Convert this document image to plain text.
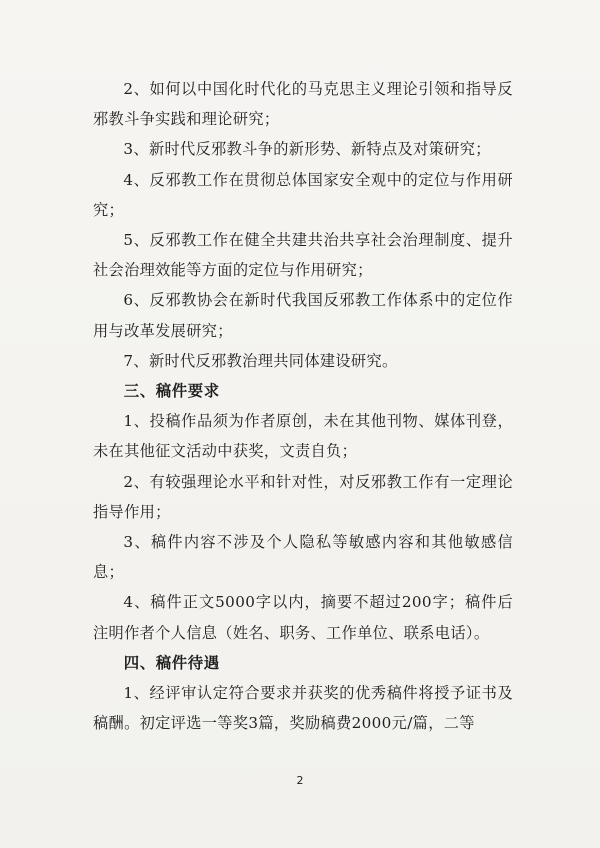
2、如何以中国化时代化的马克思主义理论引领和指导反邪教斗争实践和理论研究；

3、新时代反邪教斗争的新形势、新特点及对策研究；

4、反邪教工作在贯彻总体国家安全观中的定位与作用研究；

5、反邪教工作在健全共建共治共享社会治理制度、提升社会治理效能等方面的定位与作用研究；

6、反邪教协会在新时代我国反邪教工作体系中的定位作用与改革发展研究；

7、新时代反邪教治理共同体建设研究。

三、稿件要求

1、投稿作品须为作者原创，未在其他刊物、媒体刊登，未在其他征文活动中获奖，文责自负；

2、有较强理论水平和针对性，对反邪教工作有一定理论指导作用；

3、稿件内容不涉及个人隐私等敏感内容和其他敏感信息；

4、稿件正文5000字以内，摘要不超过200字；稿件后注明作者个人信息（姓名、职务、工作单位、联系电话）。

四、稿件待遇

1、经评审认定符合要求并获奖的优秀稿件将授予证书及稿酬。初定评选一等奖3篇，奖励稿费2000元/篇，二等

2
